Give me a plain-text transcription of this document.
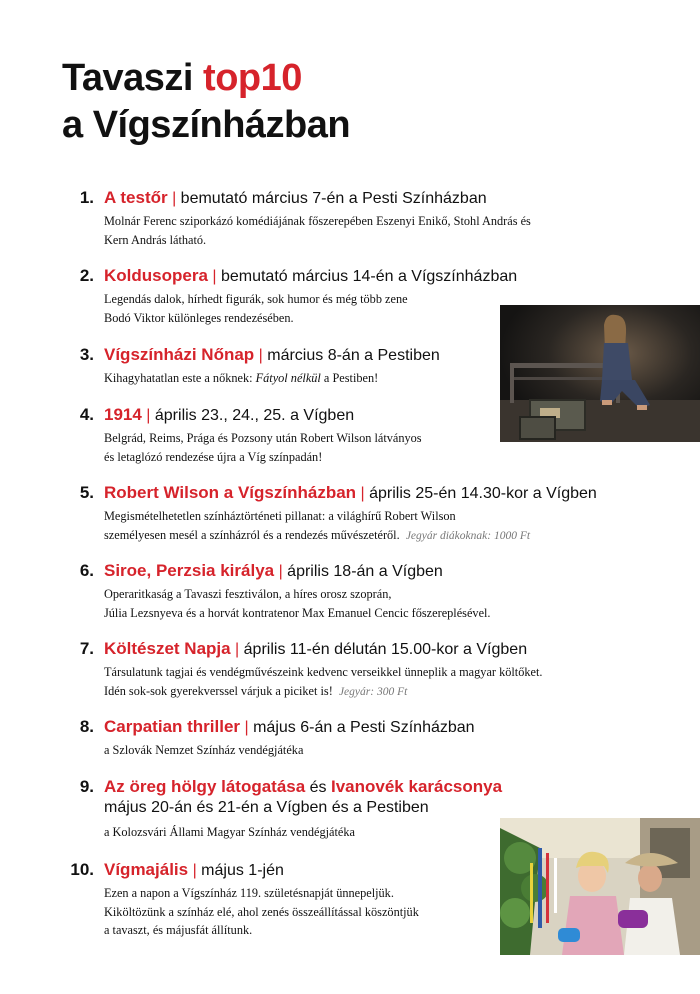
Tavaszi top10
a Vígszínházban
1. A testőr | bemutató március 7-én a Pesti Színházban
Molnár Ferenc sziporkázó komédiájának főszerepében Eszenyi Enikő, Stohl András és
Kern András látható.
2. Koldusopera | bemutató március 14-én a Vígszínházban
Legendás dalok, hírhedt figurák, sok humor és még több zene
Bodó Viktor különleges rendezésében.
3. Vígszínházi Nőnap | március 8-án a Pestiben
Kihagyhatatlan este a nőknek: Fátyol nélkül a Pestiben!
4. 1914 | április 23., 24., 25. a Vígben
Belgrád, Reims, Prága és Pozsony után Robert Wilson látványos
és letaglózó rendezése újra a Víg színpadán!
5. Robert Wilson a Vígszínházban | április 25-én 14.30-kor a Vígben
Megismételhetetlen színháztörténeti pillanat: a világhírű Robert Wilson
személyesen mesél a színházról és a rendezés művészetéről. Jegyár diákoknak: 1000 Ft
6. Siroe, Perzsia királya | április 18-án a Vígben
Operaritkaság a Tavaszi fesztiválon, a híres orosz szoprán,
Júlia Lezsnyeva és a horvát kontratenor Max Emanuel Cencic főszereplésével.
7. Költészet Napja | április 11-én délután 15.00-kor a Vígben
Társulatunk tagjai és vendégművészeink kedvenc verseikkel ünneplik a magyar költőket.
Idén sok-sok gyerekverssel várjuk a piciket is! Jegyár: 300 Ft
8. Carpatian thriller | május 6-án a Pesti Színházban
a Szlovák Nemzet Színház vendégjátéka
9. Az öreg hölgy látogatása és Ivanovék karácsonya
május 20-án és 21-én a Vígben és a Pestiben
a Kolozsvári Állami Magyar Színház vendégjátéka
10. Vígmajális | május 1-jén
Ezen a napon a Vígszínház 119. születésnapját ünnepeljük.
Kiköltözünk a színház elé, ahol zenés összeállítással köszöntjük
a tavaszt, és májusfát állítunk.
